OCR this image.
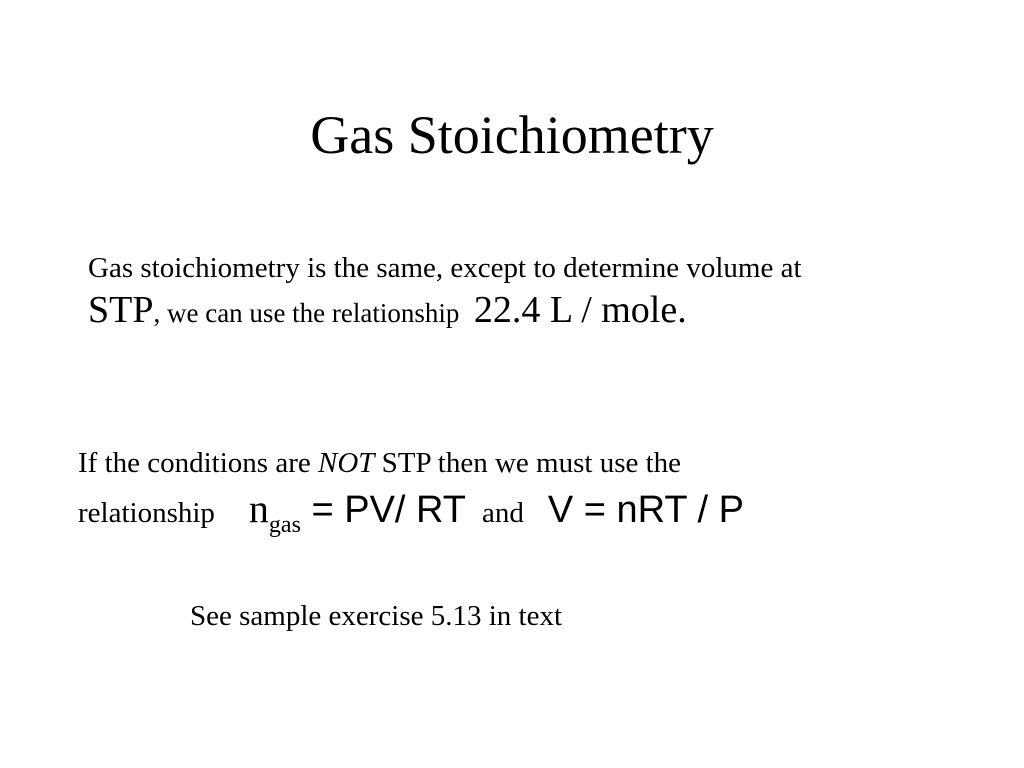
Gas Stoichiometry
Gas stoichiometry is the same, except to determine volume at
STP, we can use the relationship 22.4 L / mole.
If the conditions are NOT STP then we must use the
relationship $n_{gas} = PV/$ RT and V = nRT / P
See sample exercise 5.13 in text
